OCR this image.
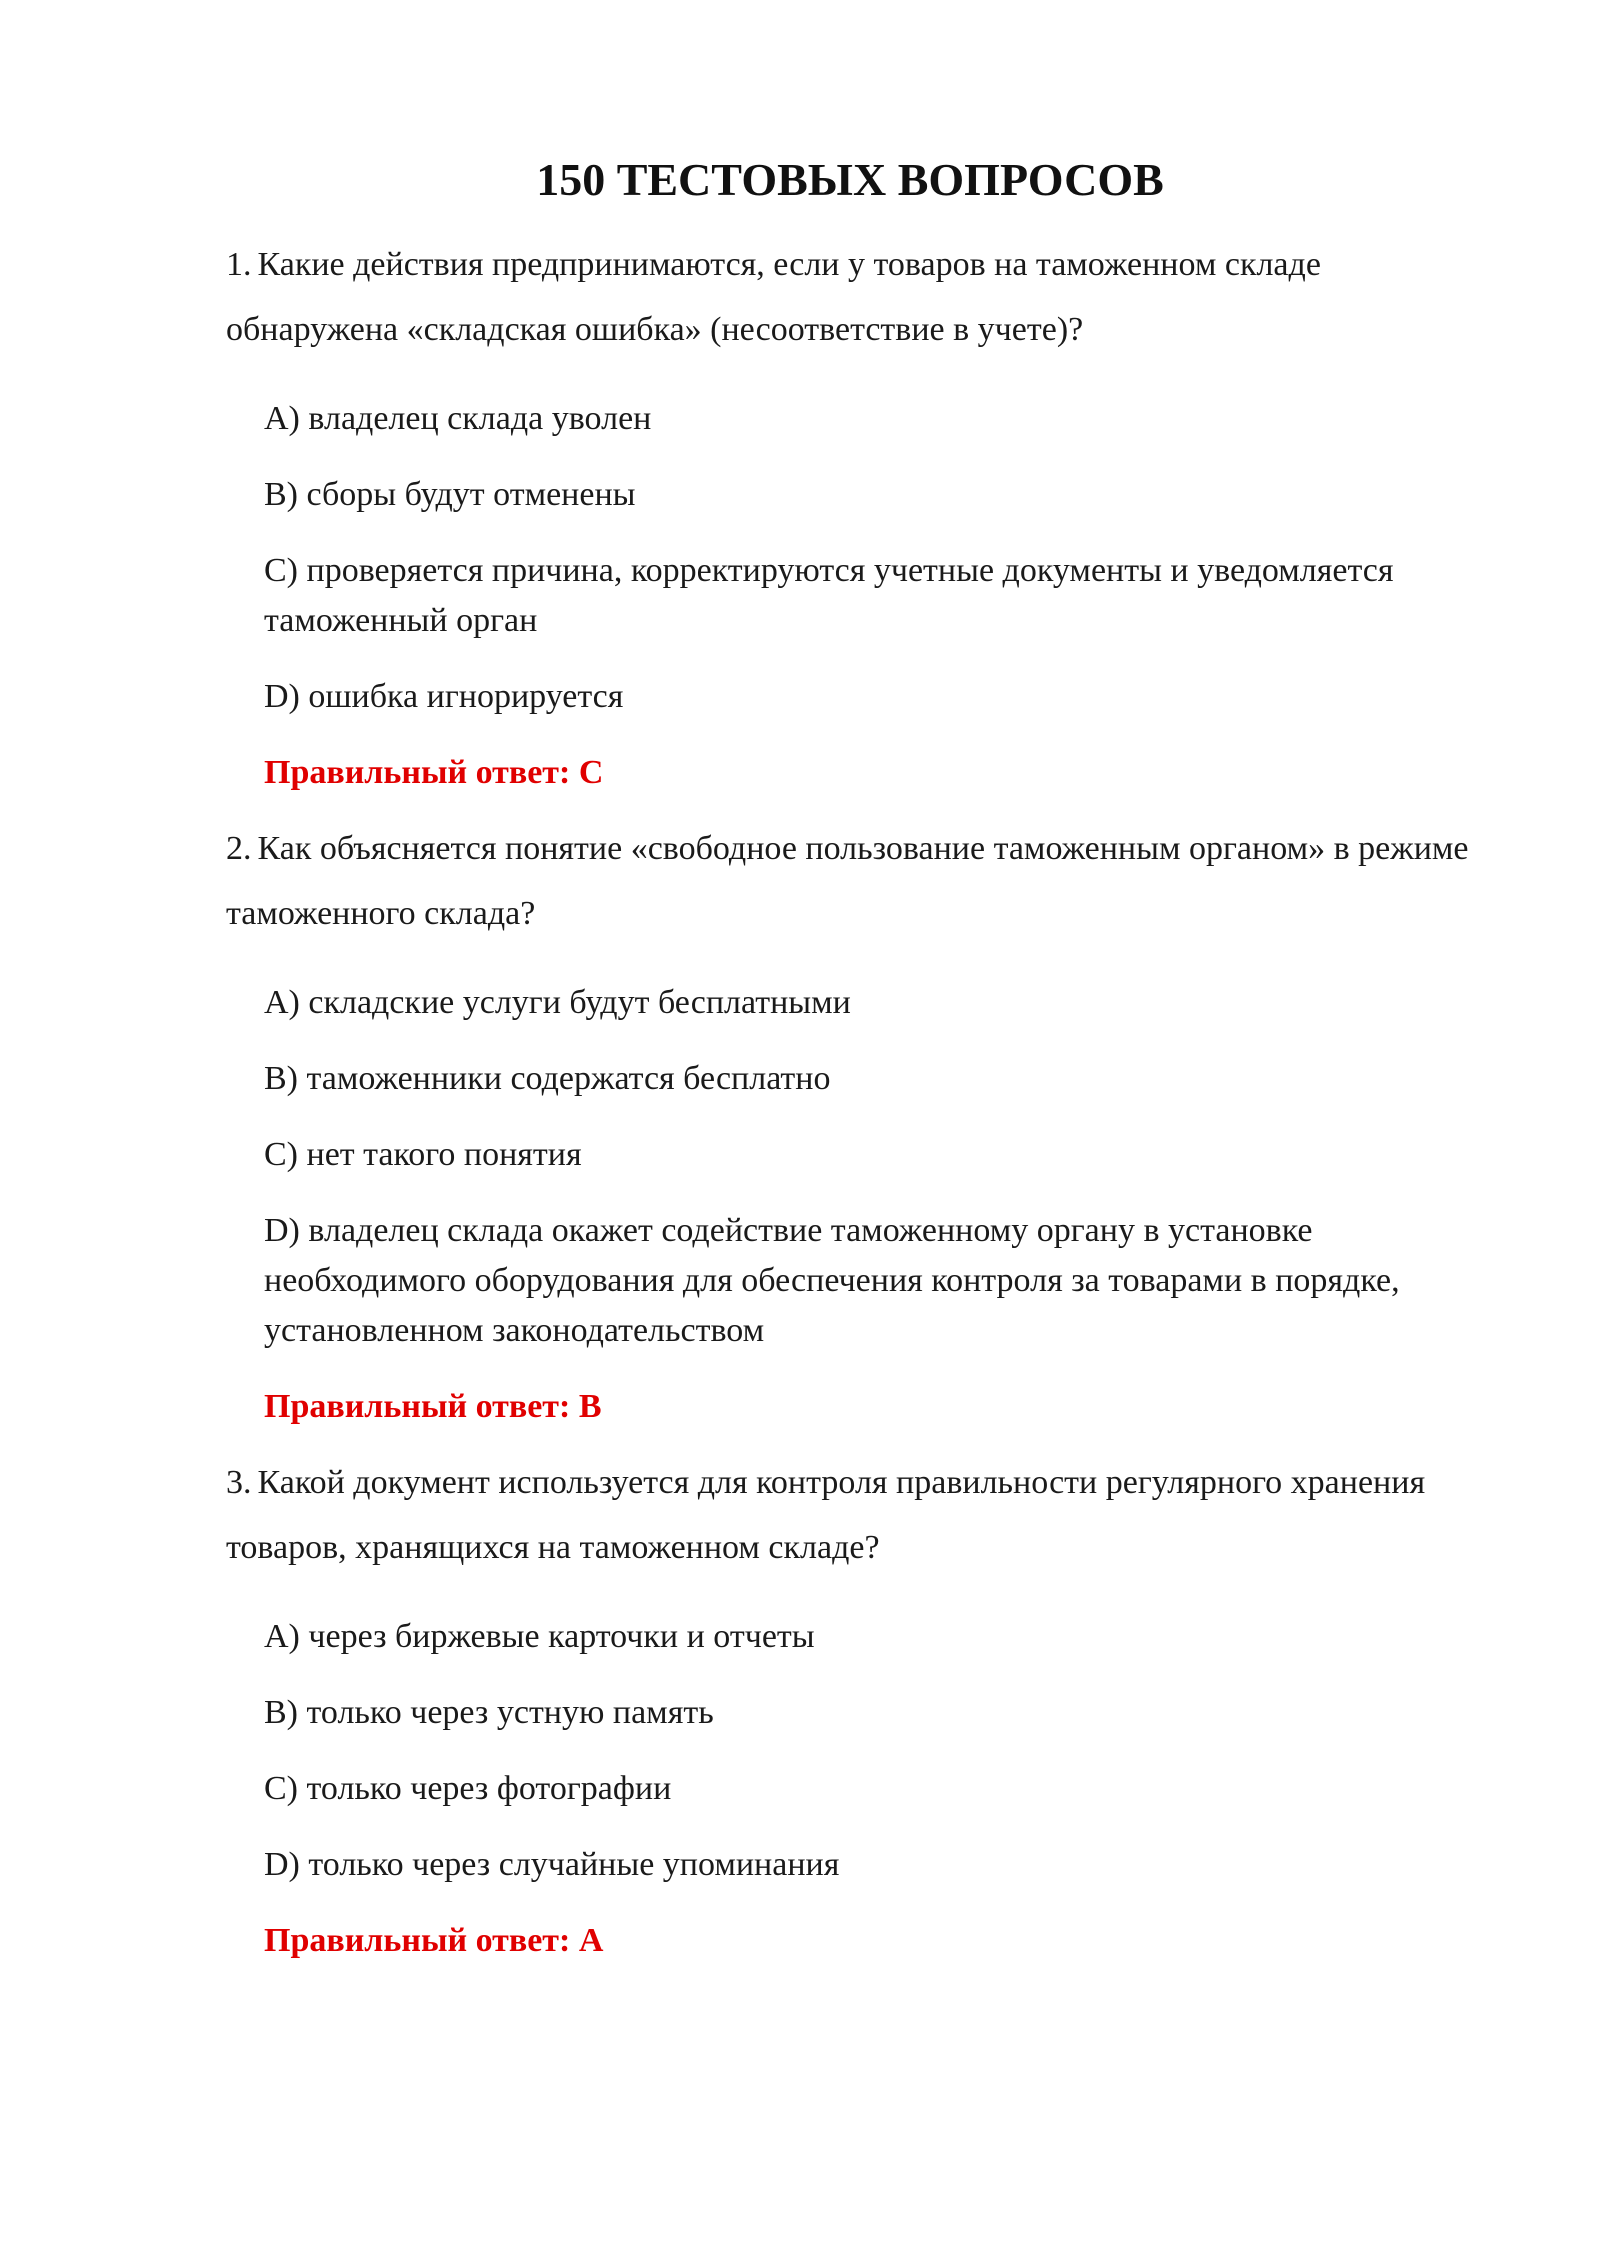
150 ТЕСТОВЫХ ВОПРОСОВ

1. Какие действия предпринимаются, если у товаров на таможенном складе обнаружена «складская ошибка» (несоответствие в учете)?

A) владелец склада уволен

B) сборы будут отменены

C) проверяется причина, корректируются учетные документы и уведомляется таможенный орган

D) ошибка игнорируется

Правильный ответ: C

2. Как объясняется понятие «свободное пользование таможенным органом» в режиме таможенного склада?

A) складские услуги будут бесплатными

B) таможенники содержатся бесплатно

C) нет такого понятия

D) владелец склада окажет содействие таможенному органу в установке необходимого оборудования для обеспечения контроля за товарами в порядке, установленном законодательством

Правильный ответ: B

3. Какой документ используется для контроля правильности регулярного хранения товаров, хранящихся на таможенном складе?

A) через биржевые карточки и отчеты

B) только через устную память

C) только через фотографии

D) только через случайные упоминания

Правильный ответ: A
